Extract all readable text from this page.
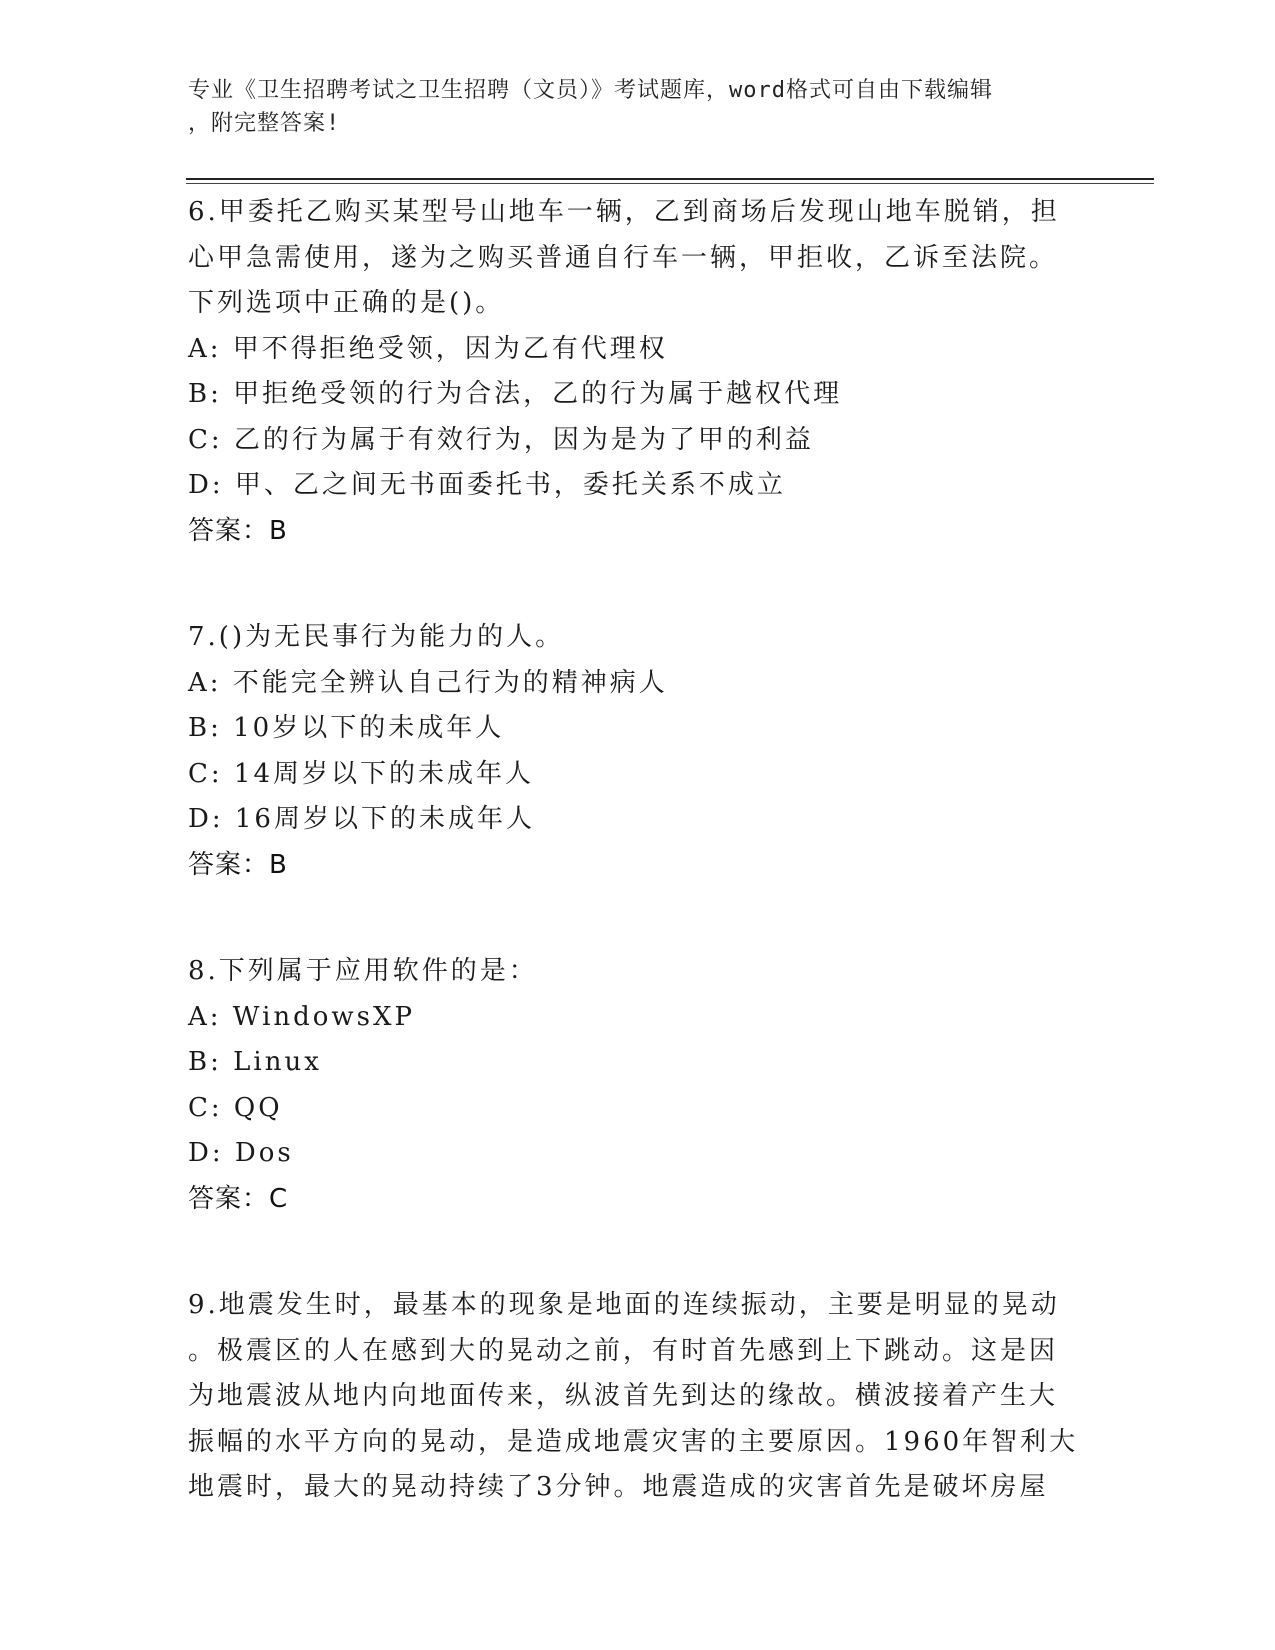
专业《卫生招聘考试之卫生招聘（文员）》考试题库，word格式可自由下载编辑
，附完整答案!
6.甲委托乙购买某型号山地车一辆，乙到商场后发现山地车脱销，担
心甲急需使用，遂为之购买普通自行车一辆，甲拒收，乙诉至法院。
下列选项中正确的是()。
A: 甲不得拒绝受领，因为乙有代理权
B: 甲拒绝受领的行为合法，乙的行为属于越权代理
C: 乙的行为属于有效行为，因为是为了甲的利益
D: 甲、乙之间无书面委托书，委托关系不成立
答案：B
7.()为无民事行为能力的人。
A: 不能完全辨认自己行为的精神病人
B: 10岁以下的未成年人
C: 14周岁以下的未成年人
D: 16周岁以下的未成年人
答案：B
8.下列属于应用软件的是：
A: WindowsXP
B: Linux
C: QQ
D: Dos
答案：C
9.地震发生时，最基本的现象是地面的连续振动，主要是明显的晃动
。极震区的人在感到大的晃动之前，有时首先感到上下跳动。这是因
为地震波从地内向地面传来，纵波首先到达的缘故。横波接着产生大
振幅的水平方向的晃动，是造成地震灾害的主要原因。1960年智利大
地震时，最大的晃动持续了3分钟。地震造成的灾害首先是破坏房屋
